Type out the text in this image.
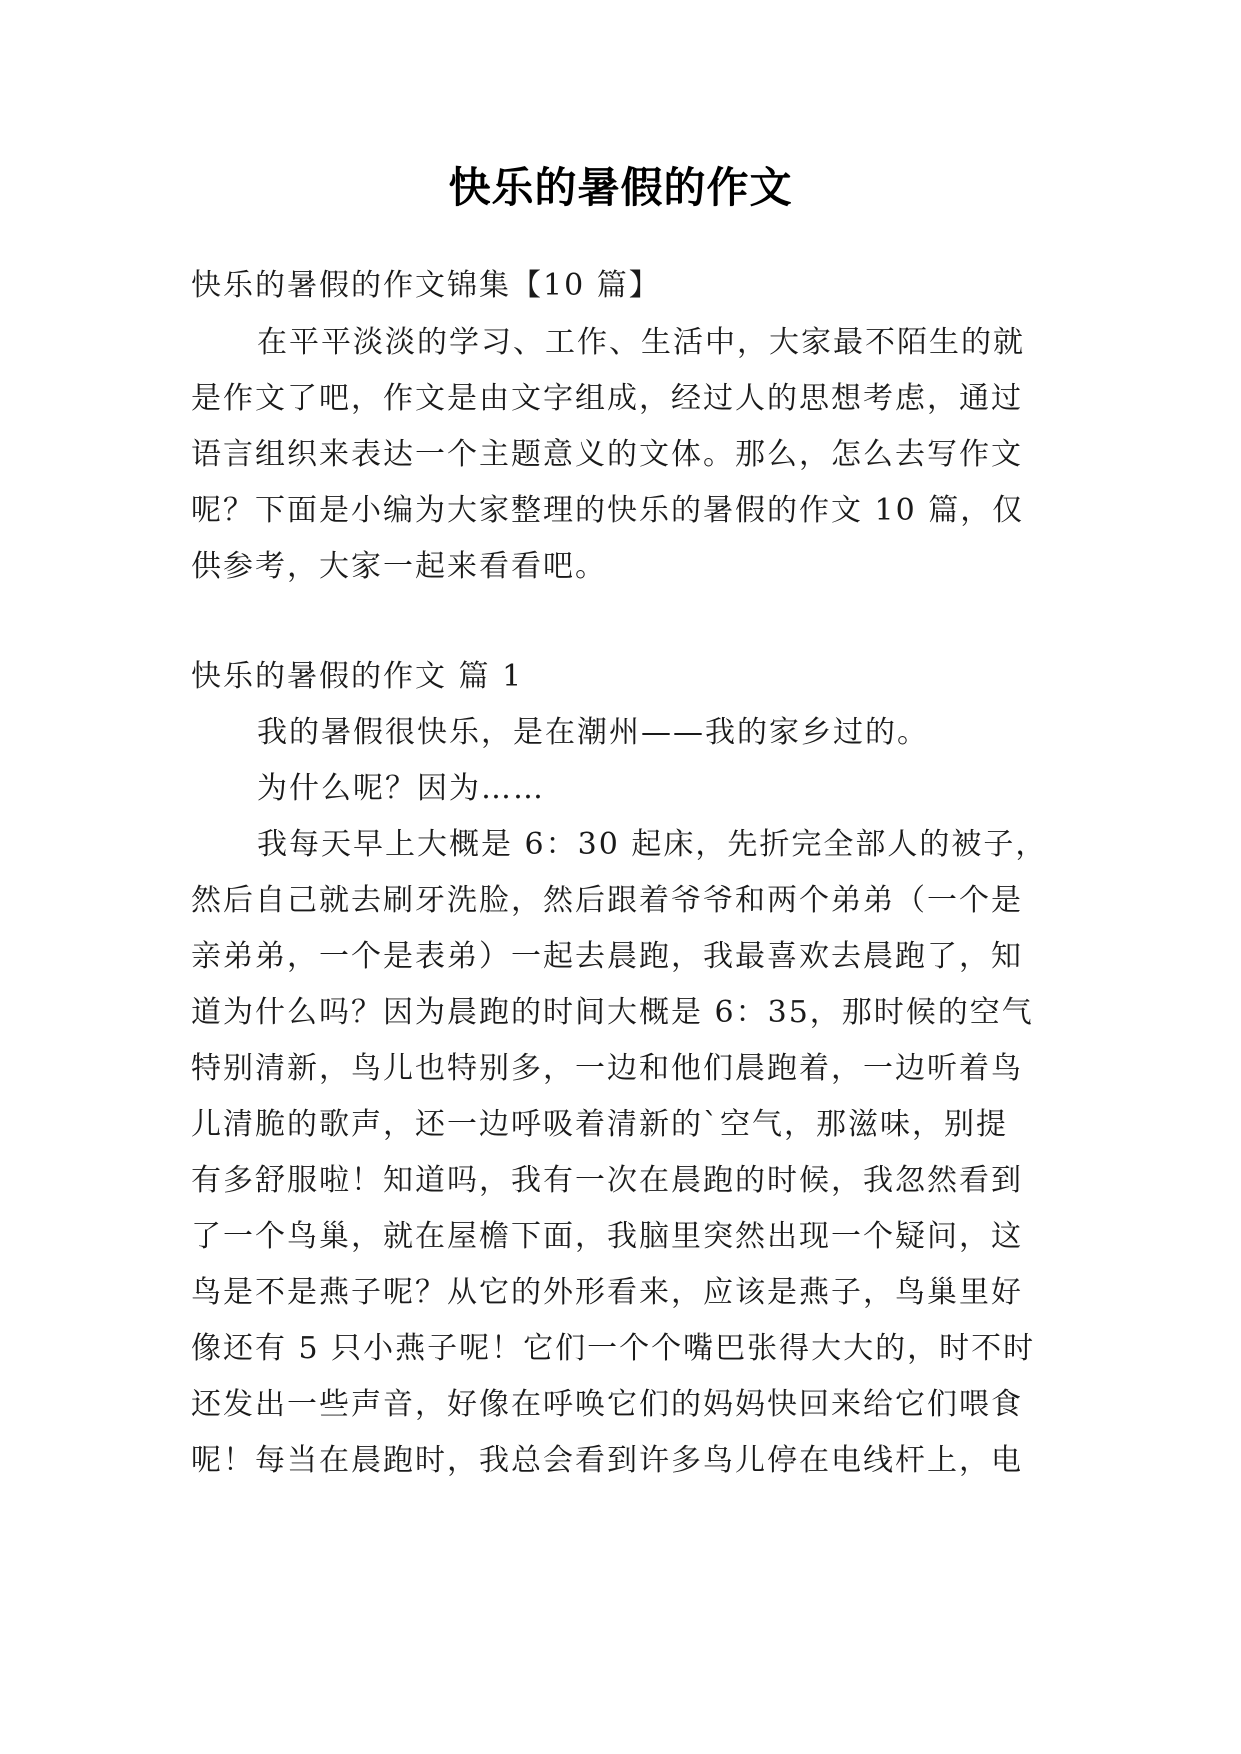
快乐的暑假的作文
快乐的暑假的作文锦集【10 篇】
在平平淡淡的学习、工作、生活中，大家最不陌生的就
是作文了吧，作文是由文字组成，经过人的思想考虑，通过
语言组织来表达一个主题意义的文体。那么，怎么去写作文
呢？下面是小编为大家整理的快乐的暑假的作文 10 篇，仅
供参考，大家一起来看看吧。
快乐的暑假的作文 篇 1
我的暑假很快乐，是在潮州——我的家乡过的。
为什么呢？因为……
我每天早上大概是 6：30 起床，先折完全部人的被子，
然后自己就去刷牙洗脸，然后跟着爷爷和两个弟弟（一个是
亲弟弟，一个是表弟）一起去晨跑，我最喜欢去晨跑了，知
道为什么吗？因为晨跑的时间大概是 6：35，那时候的空气
特别清新，鸟儿也特别多，一边和他们晨跑着，一边听着鸟
儿清脆的歌声，还一边呼吸着清新的`空气，那滋味，别提
有多舒服啦！知道吗，我有一次在晨跑的时候，我忽然看到
了一个鸟巢，就在屋檐下面，我脑里突然出现一个疑问，这
鸟是不是燕子呢？从它的外形看来，应该是燕子，鸟巢里好
像还有 5 只小燕子呢！它们一个个嘴巴张得大大的，时不时
还发出一些声音，好像在呼唤它们的妈妈快回来给它们喂食
呢！每当在晨跑时，我总会看到许多鸟儿停在电线杆上，电
